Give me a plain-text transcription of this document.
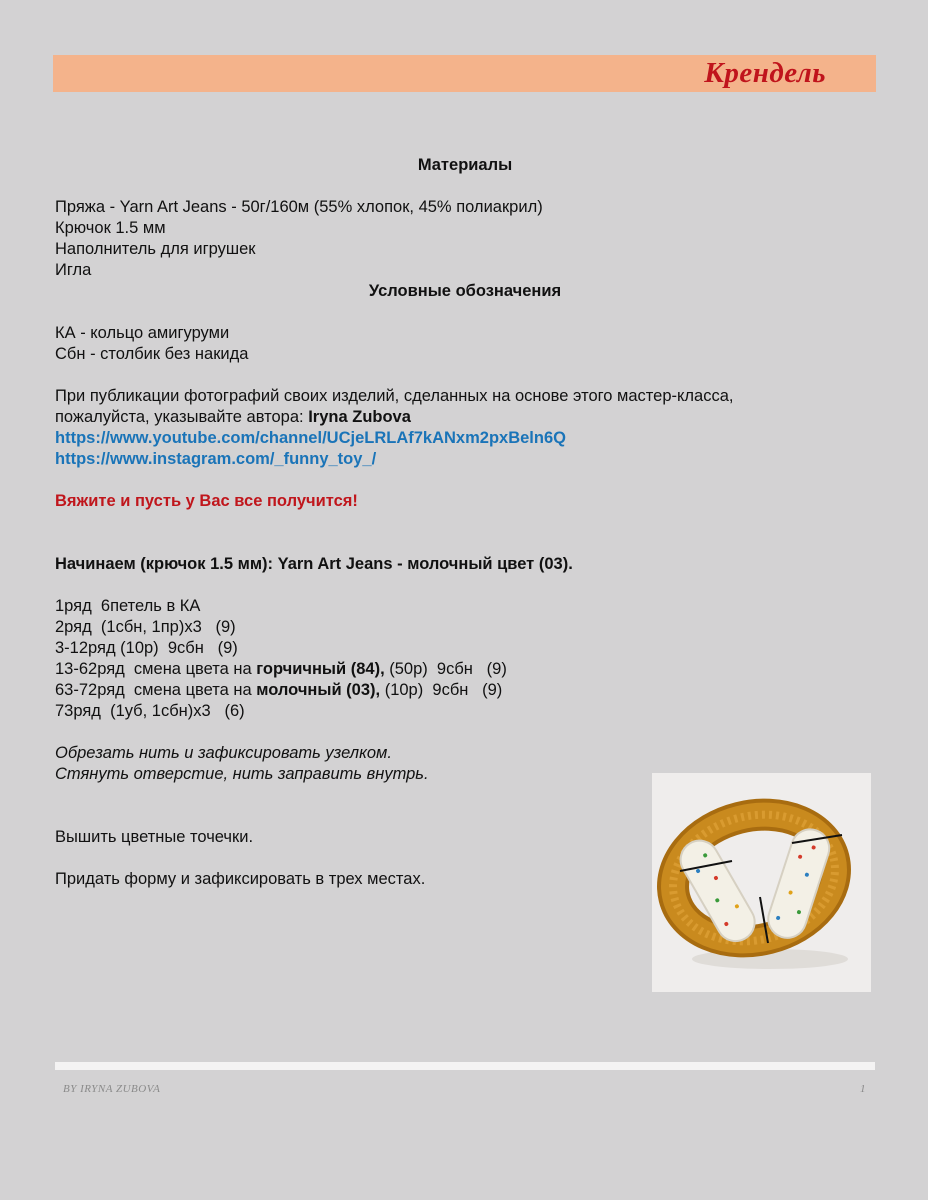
Крендель

Материалы

Пряжа - Yarn Art Jeans - 50г/160м (55% хлопок, 45% полиакрил)

Крючок 1.5 мм

Наполнитель для игрушек

Игла

Условные обозначения

КА - кольцо амигуруми

Сбн - столбик без накида

При публикации фотографий своих изделий, сделанных на основе этого мастер-класса,

пожалуйста, указывайте автора: Iryna Zubova

https://www.youtube.com/channel/UCjeLRLAf7kANxm2pxBeln6Q

https://www.instagram.com/_funny_toy_/

Вяжите и пусть у Вас все получится!

Начинаем (крючок 1.5 мм): Yarn Art Jeans - молочный цвет (03).

1ряд  6петель в КА

2ряд  (1сбн, 1пр)х3   (9)

3-12ряд (10р)  9сбн   (9)

13-62ряд  смена цвета на горчичный (84), (50р)  9сбн   (9)

63-72ряд  смена цвета на молочный (03), (10р)  9сбн   (9)

73ряд  (1уб, 1сбн)х3   (6)

Обрезать нить и зафиксировать узелком.

Стянуть отверстие, нить заправить внутрь.

Вышить цветные точечки.

Придать форму и зафиксировать в трех местах.

BY IRYNA ZUBOVA	1
